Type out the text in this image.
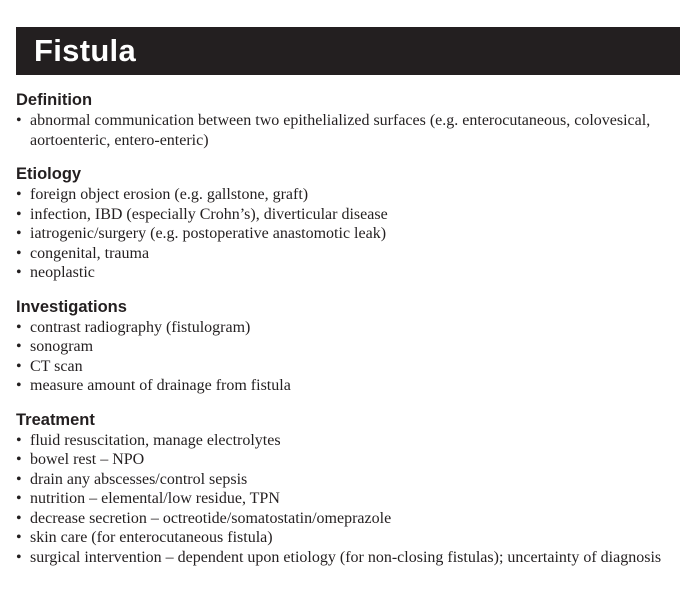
Fistula
Definition
• abnormal communication between two epithelialized surfaces (e.g. enterocutaneous, colovesical, aortoenteric, entero-enteric)
Etiology
• foreign object erosion (e.g. gallstone, graft)
• infection, IBD (especially Crohn’s), diverticular disease
• iatrogenic/surgery (e.g. postoperative anastomotic leak)
• congenital, trauma
• neoplastic
Investigations
• contrast radiography (fistulogram)
• sonogram
• CT scan
• measure amount of drainage from fistula
Treatment
• fluid resuscitation, manage electrolytes
• bowel rest – NPO
• drain any abscesses/control sepsis
• nutrition – elemental/low residue, TPN
• decrease secretion – octreotide/somatostatin/omeprazole
• skin care (for enterocutaneous fistula)
• surgical intervention – dependent upon etiology (for non-closing fistulas); uncertainty of diagnosis
